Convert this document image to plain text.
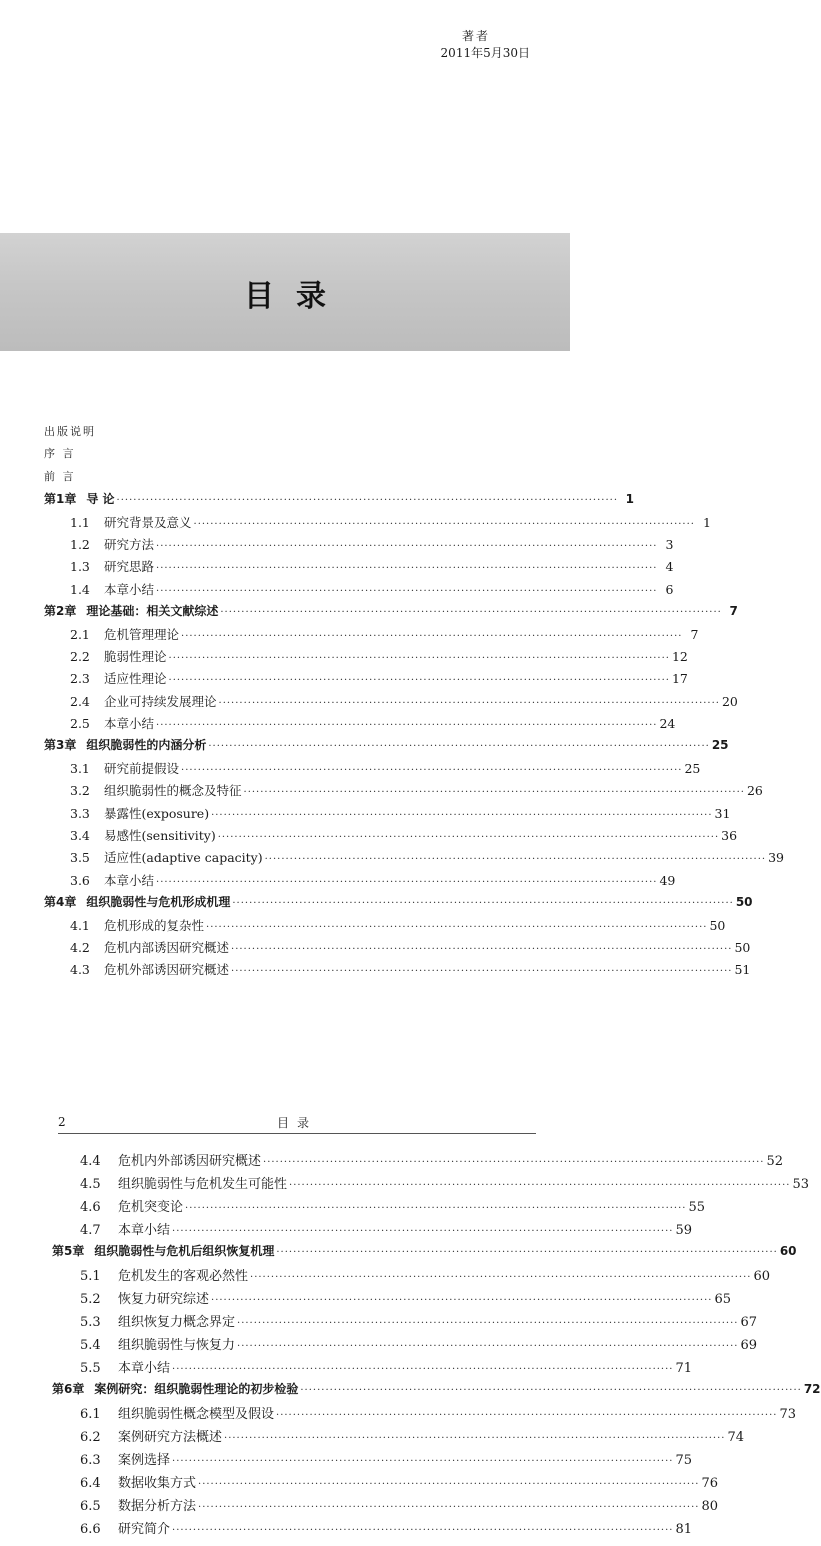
著者
2011年5月30日
目录
出版说明
序 言
前 言
第1章 导 论 ························································································································ 1
1.1 研究背景及意义 ························································································································ 1
1.2 研究方法 ························································································································ 3
1.3 研究思路 ························································································································ 4
1.4 本章小结 ························································································································ 6
第2章 理论基础：相关文献综述 ························································································································ 7
2.1 危机管理理论 ························································································································ 7
2.2 脆弱性理论 ························································································································ 12
2.3 适应性理论 ························································································································ 17
2.4 企业可持续发展理论 ························································································································ 20
2.5 本章小结 ························································································································ 24
第3章 组织脆弱性的内涵分析 ························································································································ 25
3.1 研究前提假设 ························································································································ 25
3.2 组织脆弱性的概念及特征 ························································································································ 26
3.3 暴露性(exposure) ························································································································ 31
3.4 易感性(sensitivity) ························································································································ 36
3.5 适应性(adaptive capacity) ························································································································ 39
3.6 本章小结 ························································································································ 49
第4章 组织脆弱性与危机形成机理 ························································································································ 50
4.1 危机形成的复杂性 ························································································································ 50
4.2 危机内部诱因研究概述 ························································································································ 50
4.3 危机外部诱因研究概述 ························································································································ 51
2	目录
4.4 危机内外部诱因研究概述 ························································································································ 52
4.5 组织脆弱性与危机发生可能性 ························································································································ 53
4.6 危机突变论 ························································································································ 55
4.7 本章小结 ························································································································ 59
第5章 组织脆弱性与危机后组织恢复机理 ························································································································ 60
5.1 危机发生的客观必然性 ························································································································ 60
5.2 恢复力研究综述 ························································································································ 65
5.3 组织恢复力概念界定 ························································································································ 67
5.4 组织脆弱性与恢复力 ························································································································ 69
5.5 本章小结 ························································································································ 71
第6章 案例研究：组织脆弱性理论的初步检验 ························································································································ 72
6.1 组织脆弱性概念模型及假设 ························································································································ 73
6.2 案例研究方法概述 ························································································································ 74
6.3 案例选择 ························································································································ 75
6.4 数据收集方式 ························································································································ 76
6.5 数据分析方法 ························································································································ 80
6.6 研究简介 ························································································································ 81
